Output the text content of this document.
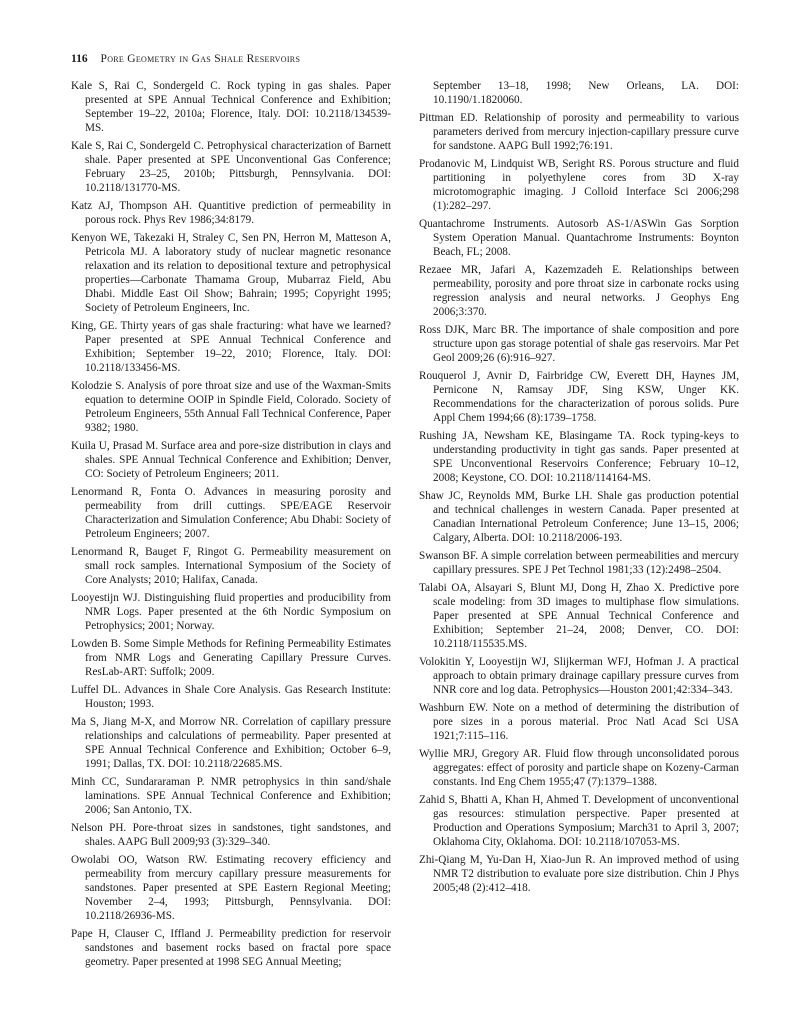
116 Pore Geometry in Gas Shale Reservoirs

Kale S, Rai C, Sondergeld C. Rock typing in gas shales. Paper presented at SPE Annual Technical Conference and Exhibition; September 19–22, 2010a; Florence, Italy. DOI: 10.2118/134539-MS.

Kale S, Rai C, Sondergeld C. Petrophysical characterization of Barnett shale. Paper presented at SPE Unconventional Gas Conference; February 23–25, 2010b; Pittsburgh, Pennsylvania. DOI: 10.2118/131770-MS.

Katz AJ, Thompson AH. Quantitive prediction of permeability in porous rock. Phys Rev 1986;34:8179.

Kenyon WE, Takezaki H, Straley C, Sen PN, Herron M, Matteson A, Petricola MJ. A laboratory study of nuclear magnetic resonance relaxation and its relation to depositional texture and petrophysical properties—Carbonate Thamama Group, Mubarraz Field, Abu Dhabi. Middle East Oil Show; Bahrain; 1995; Copyright 1995; Society of Petroleum Engineers, Inc.

King, GE. Thirty years of gas shale fracturing: what have we learned? Paper presented at SPE Annual Technical Conference and Exhibition; September 19–22, 2010; Florence, Italy. DOI: 10.2118/133456-MS.

Kolodzie S. Analysis of pore throat size and use of the Waxman-Smits equation to determine OOIP in Spindle Field, Colorado. Society of Petroleum Engineers, 55th Annual Fall Technical Conference, Paper 9382; 1980.

Kuila U, Prasad M. Surface area and pore-size distribution in clays and shales. SPE Annual Technical Conference and Exhibition; Denver, CO: Society of Petroleum Engineers; 2011.

Lenormand R, Fonta O. Advances in measuring porosity and permeability from drill cuttings. SPE/EAGE Reservoir Characterization and Simulation Conference; Abu Dhabi: Society of Petroleum Engineers; 2007.

Lenormand R, Bauget F, Ringot G. Permeability measurement on small rock samples. International Symposium of the Society of Core Analysts; 2010; Halifax, Canada.

Looyestijn WJ. Distinguishing fluid properties and producibility from NMR Logs. Paper presented at the 6th Nordic Symposium on Petrophysics; 2001; Norway.

Lowden B. Some Simple Methods for Refining Permeability Estimates from NMR Logs and Generating Capillary Pressure Curves. ResLab-ART: Suffolk; 2009.

Luffel DL. Advances in Shale Core Analysis. Gas Research Institute: Houston; 1993.

Ma S, Jiang M-X, and Morrow NR. Correlation of capillary pressure relationships and calculations of permeability. Paper presented at SPE Annual Technical Conference and Exhibition; October 6–9, 1991; Dallas, TX. DOI: 10.2118/22685.MS.

Minh CC, Sundararaman P. NMR petrophysics in thin sand/shale laminations. SPE Annual Technical Conference and Exhibition; 2006; San Antonio, TX.

Nelson PH. Pore-throat sizes in sandstones, tight sandstones, and shales. AAPG Bull 2009;93 (3):329–340.

Owolabi OO, Watson RW. Estimating recovery efficiency and permeability from mercury capillary pressure measurements for sandstones. Paper presented at SPE Eastern Regional Meeting; November 2–4, 1993; Pittsburgh, Pennsylvania. DOI: 10.2118/26936-MS.

Pape H, Clauser C, Iffland J. Permeability prediction for reservoir sandstones and basement rocks based on fractal pore space geometry. Paper presented at 1998 SEG Annual Meeting;

September 13–18, 1998; New Orleans, LA. DOI: 10.1190/1.1820060.

Pittman ED. Relationship of porosity and permeability to various parameters derived from mercury injection-capillary pressure curve for sandstone. AAPG Bull 1992;76:191.

Prodanovic M, Lindquist WB, Seright RS. Porous structure and fluid partitioning in polyethylene cores from 3D X-ray microtomographic imaging. J Colloid Interface Sci 2006;298 (1):282–297.

Quantachrome Instruments. Autosorb AS-1/ASWin Gas Sorption System Operation Manual. Quantachrome Instruments: Boynton Beach, FL; 2008.

Rezaee MR, Jafari A, Kazemzadeh E. Relationships between permeability, porosity and pore throat size in carbonate rocks using regression analysis and neural networks. J Geophys Eng 2006;3:370.

Ross DJK, Marc BR. The importance of shale composition and pore structure upon gas storage potential of shale gas reservoirs. Mar Pet Geol 2009;26 (6):916–927.

Rouquerol J, Avnir D, Fairbridge CW, Everett DH, Haynes JM, Pernicone N, Ramsay JDF, Sing KSW, Unger KK. Recommendations for the characterization of porous solids. Pure Appl Chem 1994;66 (8):1739–1758.

Rushing JA, Newsham KE, Blasingame TA. Rock typing-keys to understanding productivity in tight gas sands. Paper presented at SPE Unconventional Reservoirs Conference; February 10–12, 2008; Keystone, CO. DOI: 10.2118/114164-MS.

Shaw JC, Reynolds MM, Burke LH. Shale gas production potential and technical challenges in western Canada. Paper presented at Canadian International Petroleum Conference; June 13–15, 2006; Calgary, Alberta. DOI: 10.2118/2006-193.

Swanson BF. A simple correlation between permeabilities and mercury capillary pressures. SPE J Pet Technol 1981;33 (12):2498–2504.

Talabi OA, Alsayari S, Blunt MJ, Dong H, Zhao X. Predictive pore scale modeling: from 3D images to multiphase flow simulations. Paper presented at SPE Annual Technical Conference and Exhibition; September 21–24, 2008; Denver, CO. DOI: 10.2118/115535.MS.

Volokitin Y, Looyestijn WJ, Slijkerman WFJ, Hofman J. A practical approach to obtain primary drainage capillary pressure curves from NNR core and log data. Petrophysics—Houston 2001;42:334–343.

Washburn EW. Note on a method of determining the distribution of pore sizes in a porous material. Proc Natl Acad Sci USA 1921;7:115–116.

Wyllie MRJ, Gregory AR. Fluid flow through unconsolidated porous aggregates: effect of porosity and particle shape on Kozeny-Carman constants. Ind Eng Chem 1955;47 (7):1379–1388.

Zahid S, Bhatti A, Khan H, Ahmed T. Development of unconventional gas resources: stimulation perspective. Paper presented at Production and Operations Symposium; March31 to April 3, 2007; Oklahoma City, Oklahoma. DOI: 10.2118/107053-MS.

Zhi-Qiang M, Yu-Dan H, Xiao-Jun R. An improved method of using NMR T2 distribution to evaluate pore size distribution. Chin J Phys 2005;48 (2):412–418.
